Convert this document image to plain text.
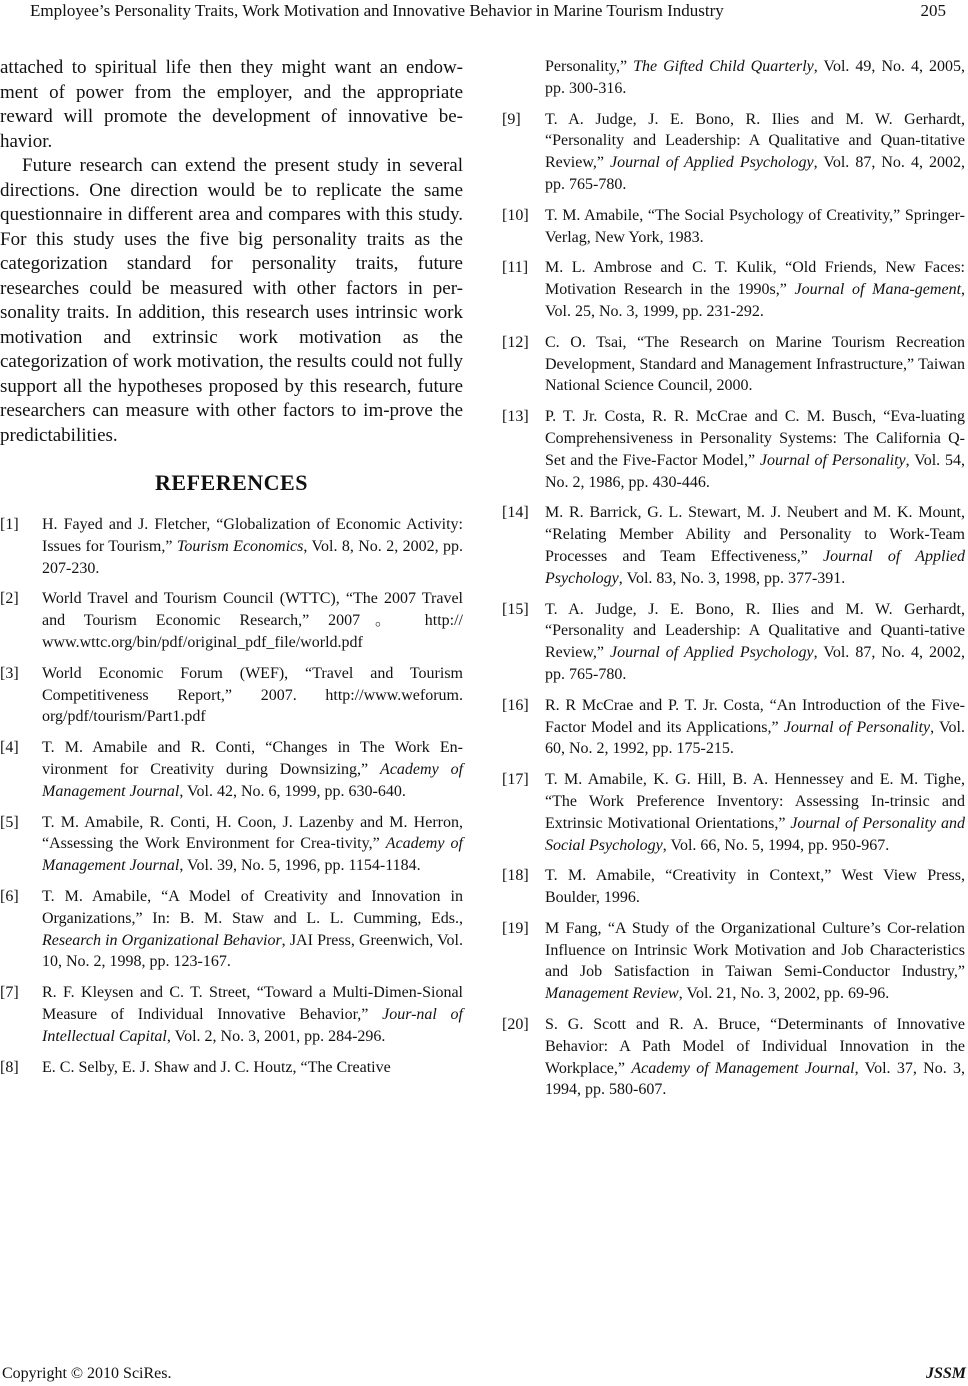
Employee’s Personality Traits, Work Motivation and Innovative Behavior in Marine Tourism Industry	205

attached to spiritual life then they might want an endow-ment of power from the employer, and the appropriate reward will promote the development of innovative be-havior.

Future research can extend the present study in several directions. One direction would be to replicate the same questionnaire in different area and compares with this study. For this study uses the five big personality traits as the categorization standard for personality traits, future researches could be measured with other factors in per-sonality traits. In addition, this research uses intrinsic work motivation and extrinsic work motivation as the categorization of work motivation, the results could not fully support all the hypotheses proposed by this research, future researchers can measure with other factors to im-prove the predictabilities.

REFERENCES
[1]	H. Fayed and J. Fletcher, “Globalization of Economic Activity: Issues for Tourism,” Tourism Economics, Vol. 8, No. 2, 2002, pp. 207-230.
[2]	World Travel and Tourism Council (WTTC), “The 2007 Travel and Tourism Economic Research,” 2007。 http:// www.wttc.org/bin/pdf/original_pdf_file/world.pdf
[3]	World Economic Forum (WEF), “Travel and Tourism Competitiveness Report,” 2007. http://www.weforum. org/pdf/tourism/Part1.pdf
[4]	T. M. Amabile and R. Conti, “Changes in The Work En-vironment for Creativity during Downsizing,” Academy of Management Journal, Vol. 42, No. 6, 1999, pp. 630-640.
[5]	T. M. Amabile, R. Conti, H. Coon, J. Lazenby and M. Herron, “Assessing the Work Environment for Crea-tivity,” Academy of Management Journal, Vol. 39, No. 5, 1996, pp. 1154-1184.
[6]	T. M. Amabile, “A Model of Creativity and Innovation in Organizations,” In: B. M. Staw and L. L. Cumming, Eds., Research in Organizational Behavior, JAI Press, Greenwich, Vol. 10, No. 2, 1998, pp. 123-167.
[7]	R. F. Kleysen and C. T. Street, “Toward a Multi-Dimen-Sional Measure of Individual Innovative Behavior,” Jour-nal of Intellectual Capital, Vol. 2, No. 3, 2001, pp. 284-296.
[8]	E. C. Selby, E. J. Shaw and J. C. Houtz, “The Creative
Personality,” The Gifted Child Quarterly, Vol. 49, No. 4, 2005, pp. 300-316.
[9]	T. A. Judge, J. E. Bono, R. Ilies and M. W. Gerhardt, “Personality and Leadership: A Qualitative and Quan-titative Review,” Journal of Applied Psychology, Vol. 87, No. 4, 2002, pp. 765-780.
[10]	T. M. Amabile, “The Social Psychology of Creativity,” Springer-Verlag, New York, 1983.
[11]	M. L. Ambrose and C. T. Kulik, “Old Friends, New Faces: Motivation Research in the 1990s,” Journal of Mana-gement, Vol. 25, No. 3, 1999, pp. 231-292.
[12]	C. O. Tsai, “The Research on Marine Tourism Recreation Development, Standard and Management Infrastructure,” Taiwan National Science Council, 2000.
[13]	P. T. Jr. Costa, R. R. McCrae and C. M. Busch, “Eva-luating Comprehensiveness in Personality Systems: The California Q-Set and the Five-Factor Model,” Journal of Personality, Vol. 54, No. 2, 1986, pp. 430-446.
[14]	M. R. Barrick, G. L. Stewart, M. J. Neubert and M. K. Mount, “Relating Member Ability and Personality to Work-Team Processes and Team Effectiveness,” Journal of Applied Psychology, Vol. 83, No. 3, 1998, pp. 377-391.
[15]	T. A. Judge, J. E. Bono, R. Ilies and M. W. Gerhardt, “Personality and Leadership: A Qualitative and Quanti-tative Review,” Journal of Applied Psychology, Vol. 87, No. 4, 2002, pp. 765-780.
[16]	R. R McCrae and P. T. Jr. Costa, “An Introduction of the Five-Factor Model and its Applications,” Journal of Personality, Vol. 60, No. 2, 1992, pp. 175-215.
[17]	T. M. Amabile, K. G. Hill, B. A. Hennessey and E. M. Tighe, “The Work Preference Inventory: Assessing In-trinsic and Extrinsic Motivational Orientations,” Journal of Personality and Social Psychology, Vol. 66, No. 5, 1994, pp. 950-967.
[18]	T. M. Amabile, “Creativity in Context,” West View Press, Boulder, 1996.
[19]	M Fang, “A Study of the Organizational Culture’s Cor-relation Influence on Intrinsic Work Motivation and Job Characteristics and Job Satisfaction in Taiwan Semi-Conductor Industry,” Management Review, Vol. 21, No. 3, 2002, pp. 69-96.
[20]	S. G. Scott and R. A. Bruce, “Determinants of Innovative Behavior: A Path Model of Individual Innovation in the Workplace,” Academy of Management Journal, Vol. 37, No. 3, 1994, pp. 580-607.
Copyright © 2010 SciRes.	JSSM
